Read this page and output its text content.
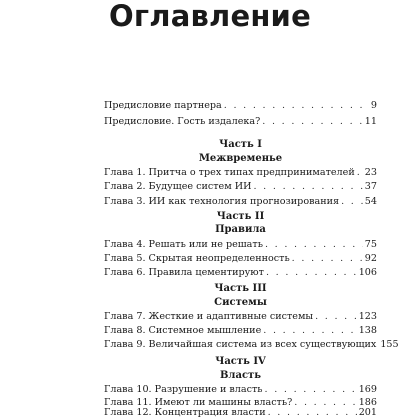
Оглавление
Предисловие партнера . . .	9
Предисловие. Гость издалека? . . .	11
Часть I
Межвременье
Глава 1. Притча о трех типах предпринимателей . . . 23
Глава 2. Будущее систем ИИ . . .	37
Глава 3. ИИ как технология прогнозирования . . .	54
Часть II
Правила
Глава 4. Решать или не решать . . .	75
Глава 5. Скрытая неопределенность . . .	92
Глава 6. Правила цементируют . . .	106
Часть III
Системы
Глава 7. Жесткие и адаптивные системы . . .	123
Глава 8. Системное мышление . . .	138
Глава 9. Величайшая система из всех существующих 155
Часть IV
Власть
Глава 10. Разрушение и власть . . .	169
Глава 11. Имеют ли машины власть? . . .	186
Глава 12. Концентрация власти . . .	201
